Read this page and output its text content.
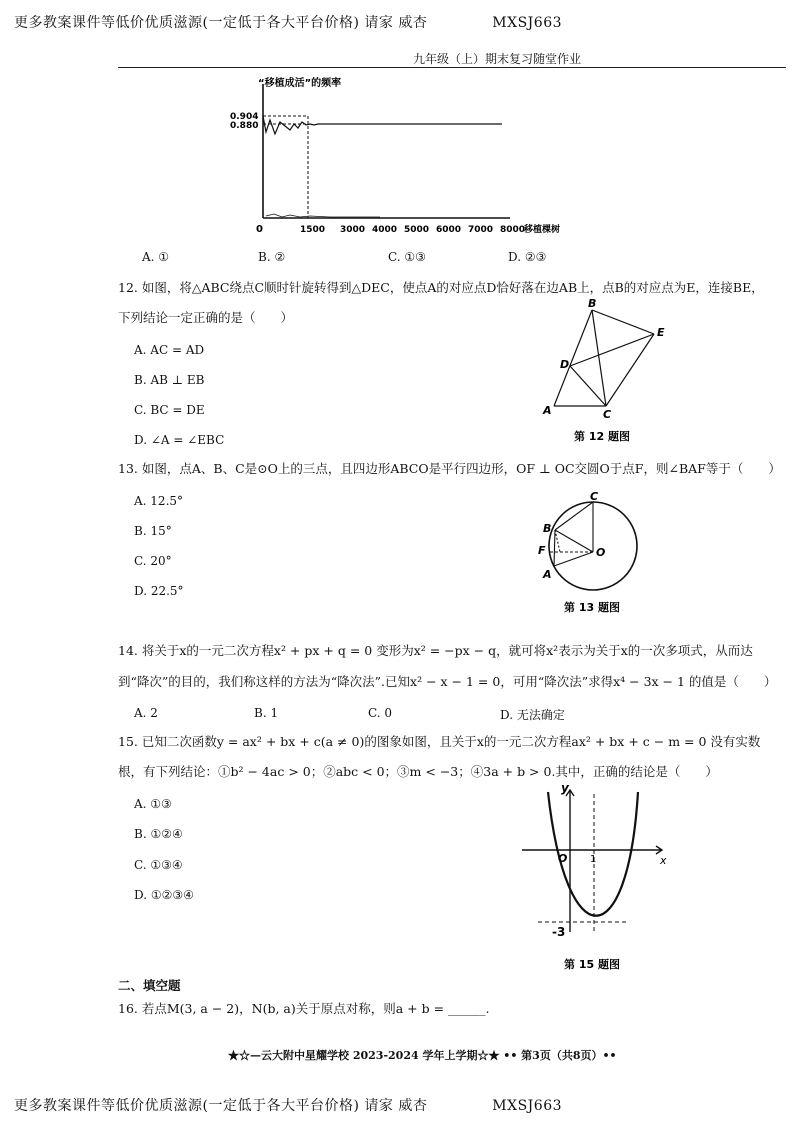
更多教案课件等低价优质滋源(一定低于各大平台价格) 请家 威杏	MXSJ663
九年级（上）期末复习随堂作业
“移植成活”的频率
0.904
0.880
0	1500 3000 4000 5000 6000 7000 8000
移植棵树
A. ①	B. ②	C. ①③	D. ②③
12. 如图，将△ABC绕点C顺时针旋转得到△DEC，使点A的对应点D恰好落在边AB上，点B的对应点为E，连接BE，
下列结论一定正确的是（　　）
A. AC = AD
B. AB ⊥ EB
C. BC = DE
D. ∠A = ∠EBC
B
E
D
A	C
第 12 题图
13. 如图，点A、B、C是⊙O上的三点，且四边形ABCO是平行四边形，OF ⊥ OC交圆O于点F，则∠BAF等于（　　）
A. 12.5°
B. 15°
C. 20°
D. 22.5°
C
B
F	O
A
第 13 题图
14. 将关于x的一元二次方程x² + px + q = 0 变形为x² = −px − q，就可将x²表示为关于x的一次多项式，从而达
到“降次”的目的，我们称这样的方法为“降次法”.已知x² − x − 1 = 0，可用“降次法”求得x⁴ − 3x − 1 的值是（　　）
A. 2	B. 1	C. 0	D. 无法确定
15. 已知二次函数y = ax² + bx + c(a ≠ 0)的图象如图，且关于x的一元二次方程ax² + bx + c − m = 0 没有实数
根，有下列结论：①b² − 4ac > 0；②abc < 0；③m < −3；④3a + b > 0.其中，正确的结论是（　　）
A. ①③
B. ①②④
C. ①③④
D. ①②③④
y
x
O 1
-3
第 15 题图
二、填空题
16. 若点M(3, a − 2)，N(b, a)关于原点对称，则a + b = ______.
★☆—云大附中星耀学校 2023-2024 学年上学期☆★ •• 第3页（共8页）••
更多教案课件等低价优质滋源(一定低于各大平台价格) 请家 威杏	MXSJ663
